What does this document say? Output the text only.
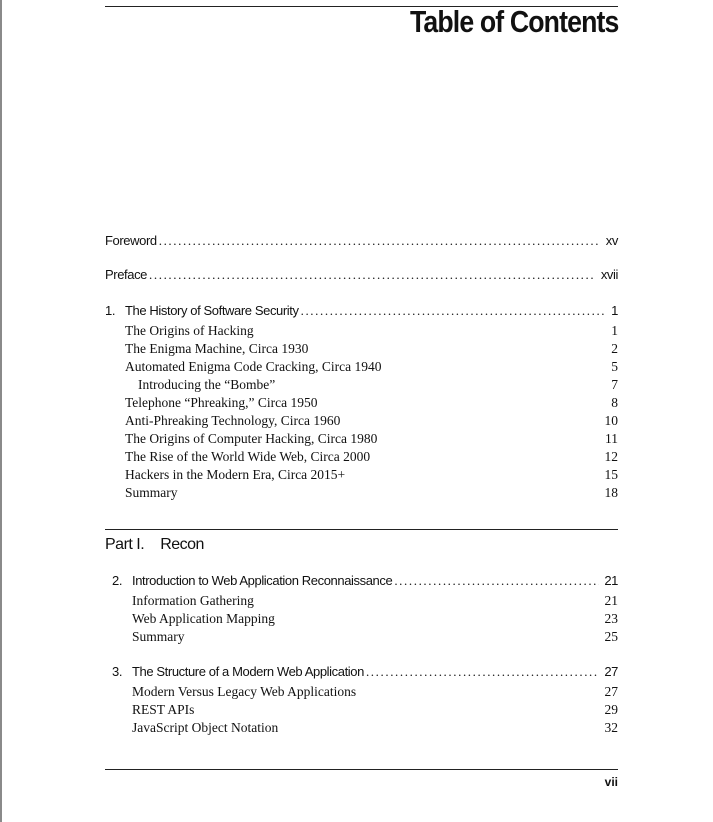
Table of Contents
Foreword .....	xv
Preface .....	xvii
1. The History of Software Security .....	1
The Origins of Hacking	1
The Enigma Machine, Circa 1930	2
Automated Enigma Code Cracking, Circa 1940	5
Introducing the “Bombe”	7
Telephone “Phreaking,” Circa 1950	8
Anti-Phreaking Technology, Circa 1960	10
The Origins of Computer Hacking, Circa 1980	11
The Rise of the World Wide Web, Circa 2000	12
Hackers in the Modern Era, Circa 2015+	15
Summary	18
Part I. Recon
2. Introduction to Web Application Reconnaissance .....	21
Information Gathering	21
Web Application Mapping	23
Summary	25
3. The Structure of a Modern Web Application .....	27
Modern Versus Legacy Web Applications	27
REST APIs	29
JavaScript Object Notation	32
vii
